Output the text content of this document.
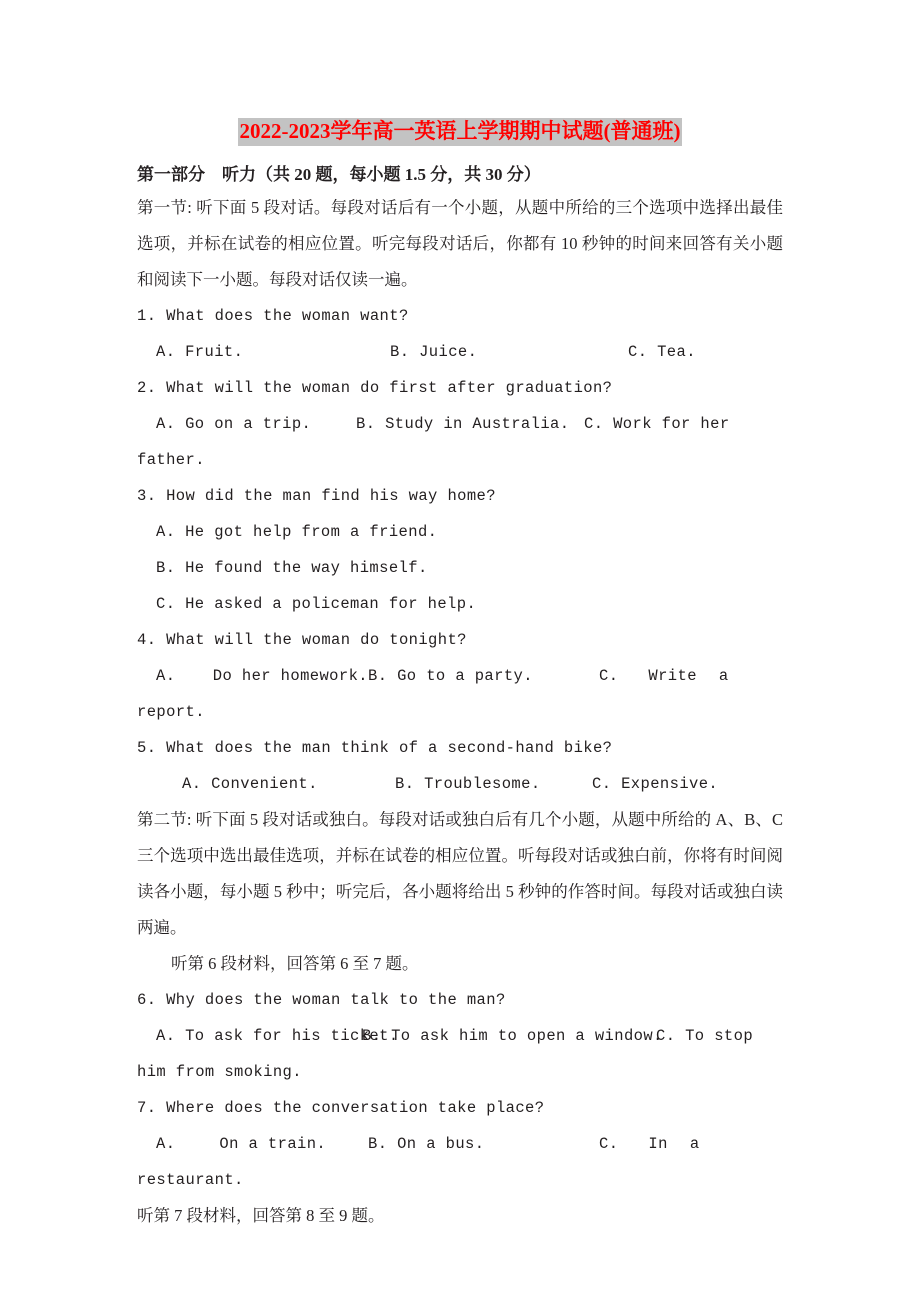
2022-2023学年高一英语上学期期中试题(普通班)
第一部分　听力（共 20 题，每小题 1.5 分，共 30 分）

第一节: 听下面 5 段对话。每段对话后有一个小题，从题中所给的三个选项中选择出最佳选项，并标在试卷的相应位置。听完每段对话后，你都有 10 秒钟的时间来回答有关小题和阅读下一小题。每段对话仅读一遍。

1. What does the woman want?

A. Fruit.	B. Juice.	C. Tea.

2. What will the woman do first after graduation?

A. Go on a trip.	B. Study in Australia. C. Work for her

father.

3. How did the man find his way home?

A. He got help from a friend.

B. He found the way himself.

C. He asked a policeman for help.

4. What will the woman do tonight?

A. Do her homework. B. Go to a party.	C. Write a

report.

5. What does the man think of a second-hand bike?

A. Convenient.	B. Troublesome.	C. Expensive.

第二节: 听下面 5 段对话或独白。每段对话或独白后有几个小题，从题中所给的 A、B、C 三个选项中选出最佳选项，并标在试卷的相应位置。听每段对话或独白前，你将有时间阅读各小题，每小题 5 秒中；听完后，各小题将给出 5 秒钟的作答时间。每段对话或独白读两遍。

听第 6 段材料，回答第 6 至 7 题。

6. Why does the woman talk to the man?

A. To ask for his ticket.
B. To ask him to open a window.
C. To stop

him from smoking.

7. Where does the conversation take place?

A.	On a train.	B. On a bus.	C. In a

restaurant.

听第 7 段材料，回答第 8 至 9 题。
